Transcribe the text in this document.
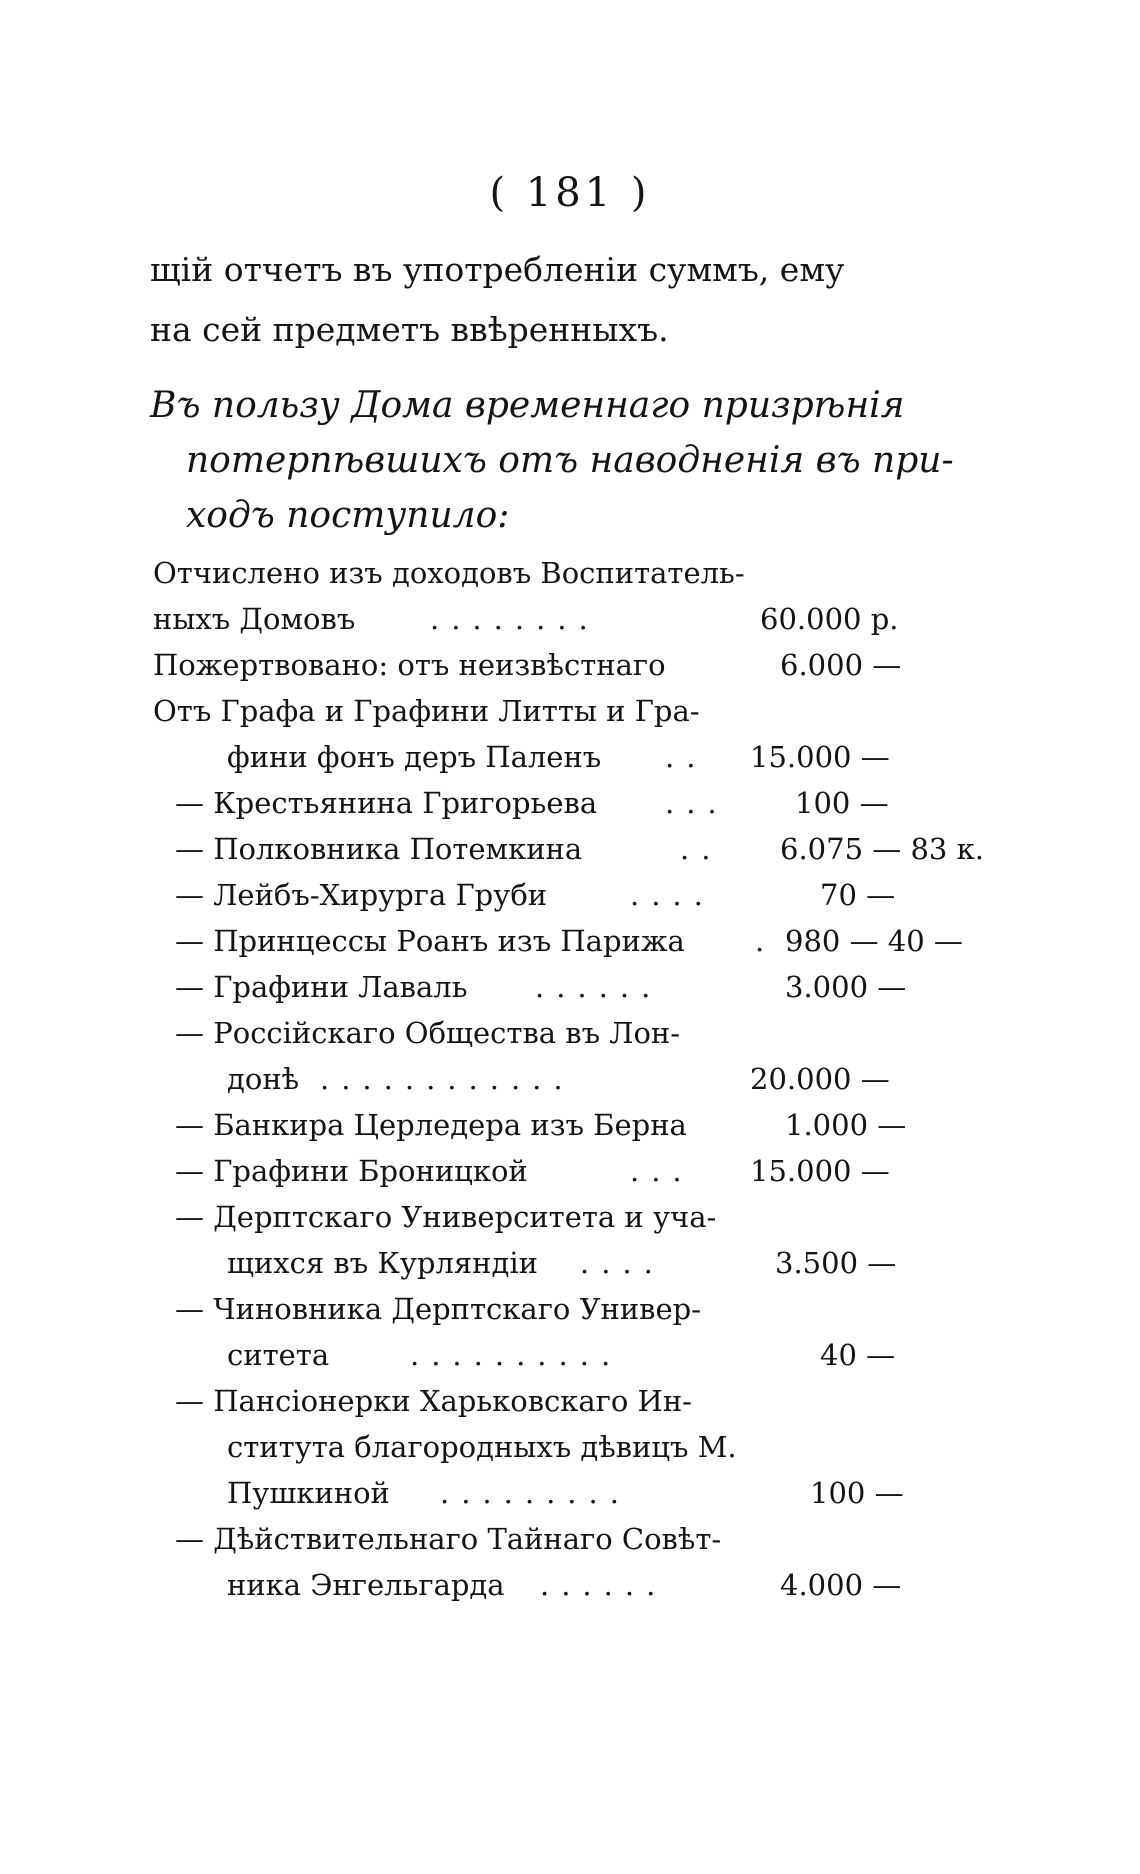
( 181 )
щій отчетъ въ употребленіи суммъ, ему
на сей предметъ ввѣренныхъ.
Въ пользу Дома временнаго призрѣнія
потерпѣвшихъ отъ наводненія въ при-
ходъ поступило:
Отчислено изъ доходовъ Воспитатель-
ныхъ Домовъ	........	60.000 р.
Пожертвовано: отъ неизвѣстнаго	6.000 —
Отъ Графа и Графини Литты и Гра-
фини фонъ деръ Паленъ ..	15.000 —
— Крестьянина Григорьева ...	100 —
— Полковника Потемкина	..	6.075 — 83 к.
— Лейбъ-Хирурга Груби	....	70 —
— Принцессы Роанъ изъ Парижа . 980 — 40 —
— Графини Лаваль ......	3.000 —
— Россійскаго Общества въ Лон-
донѣ ............	20.000 —
— Банкира Церледера изъ Берна	1.000 —
— Графини Броницкой	...	15.000 —
— Дерптскаго Университета и уча-
щихся въ Курляндіи ....	3.500 —
— Чиновника Дерптскаго Универ-
ситета	..........	40 —
— Пансіонерки Харьковскаго Ин-
ститута благородныхъ дѣвицъ М.
Пушкиной .........	100 —
— Дѣйствительнаго Тайнаго Совѣт-
ника Энгельгарда ......	4.000 —
